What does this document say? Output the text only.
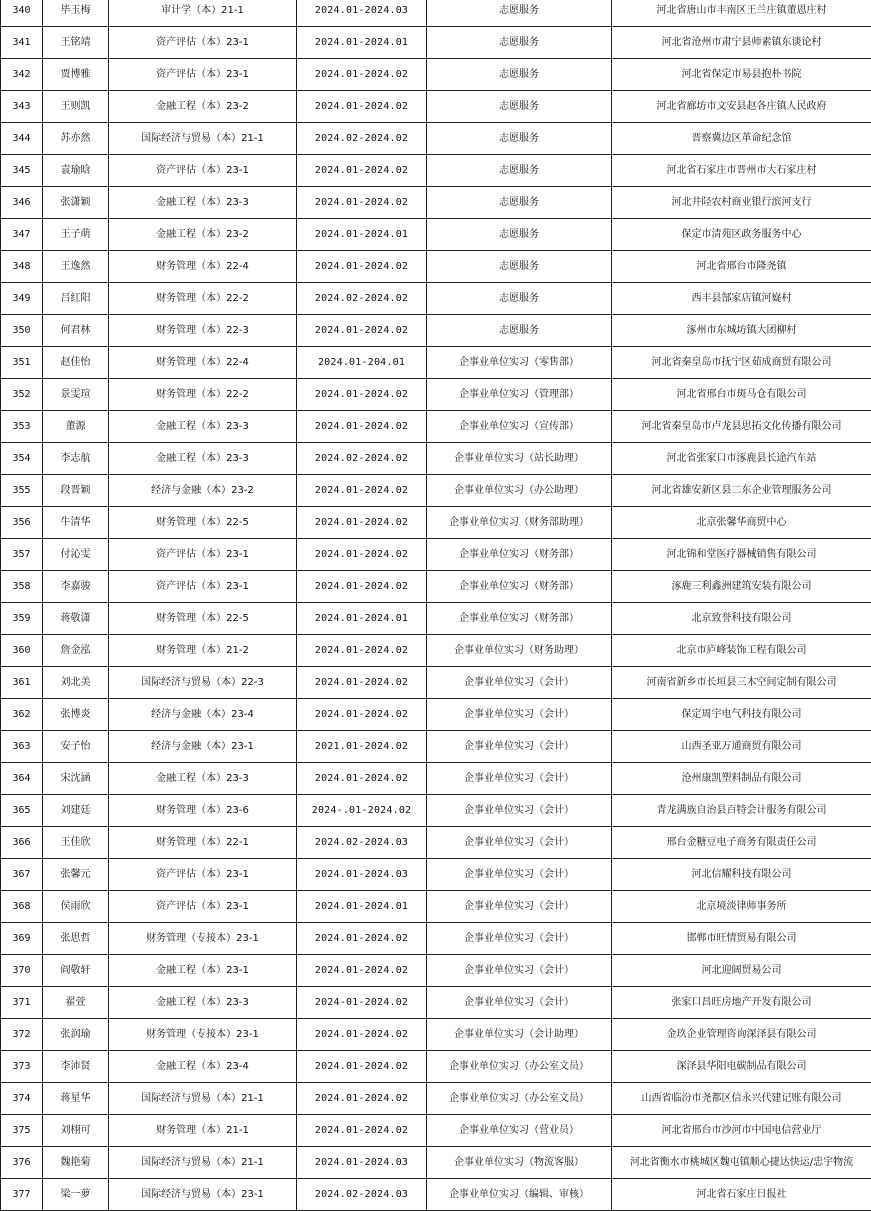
340	毕玉梅	审计学（本）21-1	2024.01-2024.03	志愿服务	河北省唐山市丰南区王兰庄镇董恩庄村
341	王铭靖	资产评估（本）23-1	2024.01-2024.01	志愿服务	河北省沧州市肃宁县师素镇东谈论村
342	贾博雅	资产评估（本）23-1	2024.01-2024.02	志愿服务	河北省保定市易县抱朴书院
343	王则凯	金融工程（本）23-2	2024.01-2024.02	志愿服务	河北省廊坊市文安县赵各庄镇人民政府
344	苏亦然	国际经济与贸易（本）21-1	2024.02-2024.02	志愿服务	晋察冀边区革命纪念馆
345	袁瑜晗	资产评估（本）23-1	2024.01-2024.02	志愿服务	河北省石家庄市晋州市大石家庄村
346	张潇颖	金融工程（本）23-3	2024.01-2024.02	志愿服务	河北井陉农村商业银行滨河支行
347	王子萌	金融工程（本）23-2	2024.01-2024.01	志愿服务	保定市清苑区政务服务中心
348	王逸然	财务管理（本）22-4	2024.01-2024.02	志愿服务	河北省邢台市隆尧镇
349	吕红阳	财务管理（本）22-2	2024.02-2024.02	志愿服务	西丰县郜家店镇河嶷村
350	何君林	财务管理（本）22-3	2024.01-2024.02	志愿服务	涿州市东城坊镇大团柳村
351	赵佳怡	财务管理（本）22-4	2024.01-204.01	企事业单位实习（零售部）	河北省秦皇岛市抚宁区茹成商贸有限公司
352	景雯瑄	财务管理（本）22-2	2024.01-2024.02	企事业单位实习（管理部）	河北省邢台市斑马仓有限公司
353	董源	金融工程（本）23-3	2024.01-2024.02	企事业单位实习（宣传部）	河北省秦皇岛市卢龙县思拓文化传播有限公司
354	李志航	金融工程（本）23-3	2024.02-2024.02	企事业单位实习（站长助理）	河北省张家口市涿鹿县长途汽车站
355	段晋颖	经济与金融（本）23-2	2024.01-2024.02	企事业单位实习（办公助理）	河北省雄安新区县二东企业管理服务公司
356	牛清华	财务管理（本）22-5	2024.01-2024.02	企事业单位实习（财务部助理）	北京张馨华商贸中心
357	付沁雯	资产评估（本）23-1	2024.01-2024.02	企事业单位实习（财务部）	河北锦和堂医疗器械销售有限公司
358	李嘉骏	资产评估（本）23-1	2024.01-2024.02	企事业单位实习（财务部）	涿鹿三利鑫洲建筑安装有限公司
359	蒋敬潇	财务管理（本）22-5	2024.01-2024.01	企事业单位实习（财务部）	北京致誉科技有限公司
360	詹金泓	财务管理（本）21-2	2024.01-2024.02	企事业单位实习（财务助理）	北京市庐峰装饰工程有限公司
361	刘北美	国际经济与贸易（本）22-3	2024.01-2024.02	企事业单位实习（会计）	河南省新乡市长垣县三木空间定制有限公司
362	张博炎	经济与金融（本）23-4	2024.01-2024.02	企事业单位实习（会计）	保定周宇电气科技有限公司
363	安子怡	经济与金融（本）23-1	2021.01-2024.02	企事业单位实习（会计）	山西圣亚万通商贸有限公司
364	宋沈涵	金融工程（本）23-3	2024.01-2024.02	企事业单位实习（会计）	沧州康凯塑料制品有限公司
365	刘建廷	财务管理（本）23-6	2024-.01-2024.02	企事业单位实习（会计）	青龙满族自治县百特会计服务有限公司
366	王佳欣	财务管理（本）22-1	2024.02-2024.03	企事业单位实习（会计）	邢台金糖豆电子商务有限责任公司
367	张馨元	资产评估（本）23-1	2024.01-2024.03	企事业单位实习（会计）	河北信耀科技有限公司
368	侯雨欣	资产评估（本）23-1	2024.01-2024.01	企事业单位实习（会计）	北京境淡律师事务所
369	张思哲	财务管理（专接本）23-1	2024.01-2024.02	企事业单位实习（会计）	邯郸市旺情贸易有限公司
370	阎敬轩	金融工程（本）23-1	2024.01-2024.02	企事业单位实习（会计）	河北迎阔贸易公司
371	翟萱	金融工程（本）23-3	2024-01-2024.02	企事业单位实习（会计）	张家口昌旺房地产开发有限公司
372	张润瑜	财务管理（专接本）23-1	2024.01-2024.02	企事业单位实习（会计助理）	金玖企业管理咨询深泽县有限公司
373	李沛贤	金融工程（本）23-4	2024.01-2024.02	企事业单位实习（办公室文员）	深泽县华阳电碳制品有限公司
374	蒋星华	国际经济与贸易（本）21-1	2024.01-2024.02	企事业单位实习（办公室文员）	山西省临汾市尧都区信永兴代建记账有限公司
375	刘栩可	财务管理（本）21-1	2024.01-2024.02	企事业单位实习（营业员）	河北省邢台市沙河市中国电信营业厅
376	魏艳菊	国际经济与贸易（本）21-1	2024.01-2024.03	企事业单位实习（物流客服）	河北省衡水市桃城区魏屯镇顺心捷达快运/忠宇物流
377	梁一萝	国际经济与贸易（本）23-1	2024.02-2024.03	企事业单位实习（编辑、审核）	河北省石家庄日报社
